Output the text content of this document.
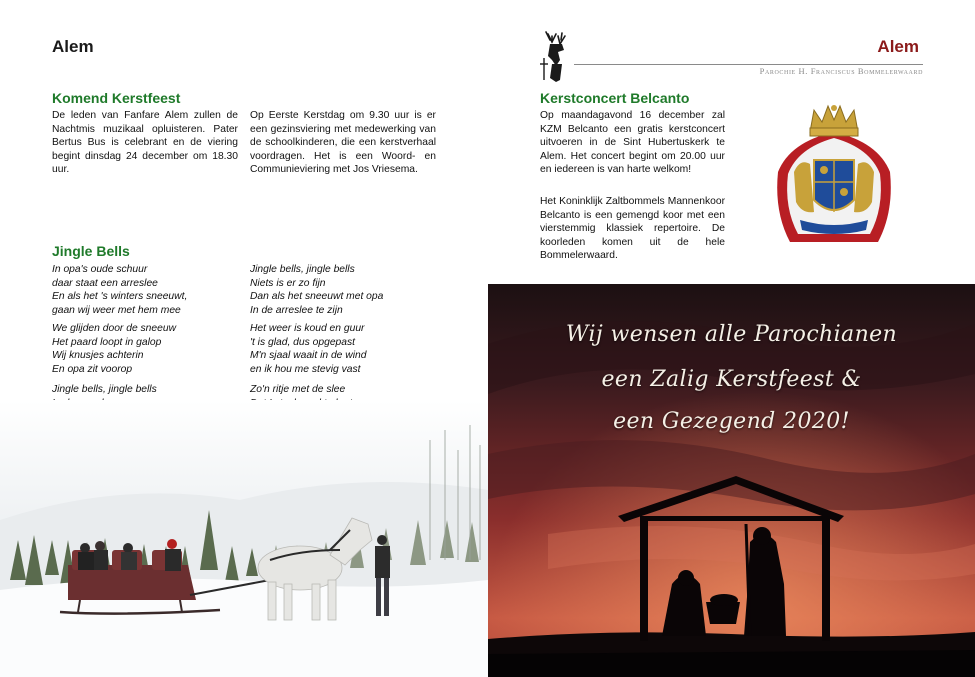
Alem
Komend Kerstfeest
De leden van Fanfare Alem zullen de Nachtmis muzikaal opluisteren. Pater Bertus Bus is celebrant en de viering begint dinsdag 24 december om 18.30 uur.
Op Eerste Kerstdag om 9.30 uur is er een gezinsviering met medewerking van de schoolkinderen, die een kerstverhaal voordragen. Het is een Woord- en Communieviering met Jos Vriesema.
Jingle Bells
In opa's oude schuur
daar staat een arreslee
En als het 's winters sneeuwt,
gaan wij weer met hem mee
We glijden door de sneeuw
Het paard loopt in galop
Wij knusjes achterin
En opa zit voorop
Jingle bells, jingle bells
Jingle bells, jingle bells
Niets is er zo fijn
Dan als het sneeuwt met opa
In de arreslee te zijn
Het weer is koud en guur
't is glad, dus opgepast
M'n sjaal waait in de wind
en ik hou me stevig vast
Zo'n ritje met de slee
Alem
Parochie H. Franciscus Bommelerwaard
Kerstconcert Belcanto
Op maandagavond 16 december zal KZM Belcanto een gratis kerstconcert uitvoeren in de Sint Hubertuskerk te Alem. Het concert begint om 20.00 uur en iedereen is van harte welkom!
Het Koninklijk Zaltbommels Mannenkoor Belcanto is een gemengd koor met een vierstemmig klassiek repertoire. De koorleden komen uit de hele Bommelerwaard.
Wij wensen alle Parochianen
een Zalig Kerstfeest &
een Gezegend 2020!
